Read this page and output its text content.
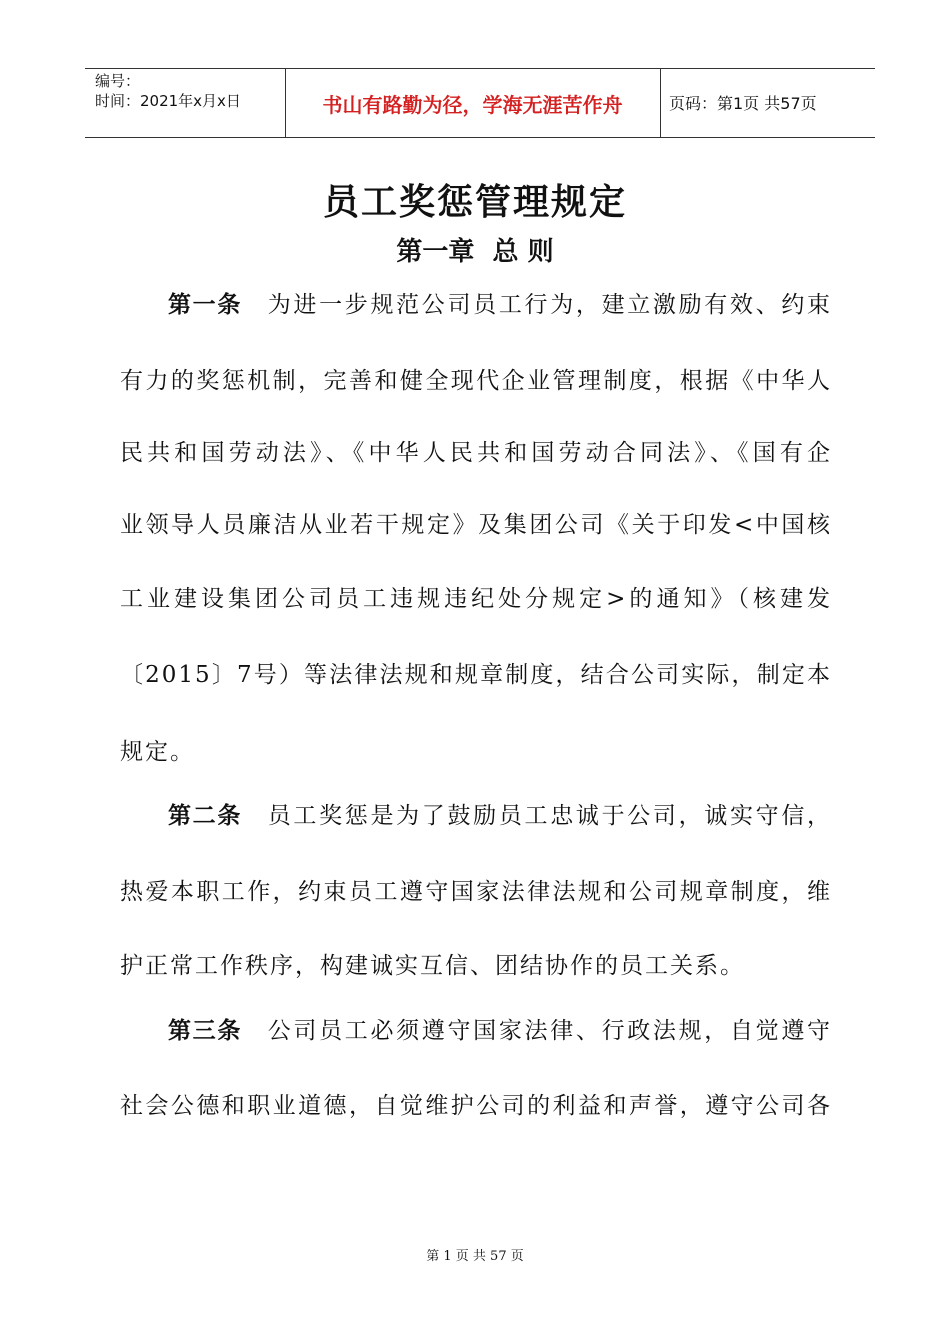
编号：
时间：2021年x月x日	书山有路勤为径，学海无涯苦作舟	页码：第1页 共57页
员工奖惩管理规定
第一章  总 则
第一条  为进一步规范公司员工行为，建立激励有效、约束
有力的奖惩机制，完善和健全现代企业管理制度，根据《中华人
民共和国劳动法》、《中华人民共和国劳动合同法》、《国有企
业领导人员廉洁从业若干规定》及集团公司《关于印发<中国核
工业建设集团公司员工违规违纪处分规定>的通知》（核建发
〔2015〕7号）等法律法规和规章制度，结合公司实际，制定本
规定。
第二条  员工奖惩是为了鼓励员工忠诚于公司，诚实守信，
热爱本职工作，约束员工遵守国家法律法规和公司规章制度，维
护正常工作秩序，构建诚实互信、团结协作的员工关系。
第三条  公司员工必须遵守国家法律、行政法规，自觉遵守
社会公德和职业道德，自觉维护公司的利益和声誉，遵守公司各
第 1 页 共 57 页
